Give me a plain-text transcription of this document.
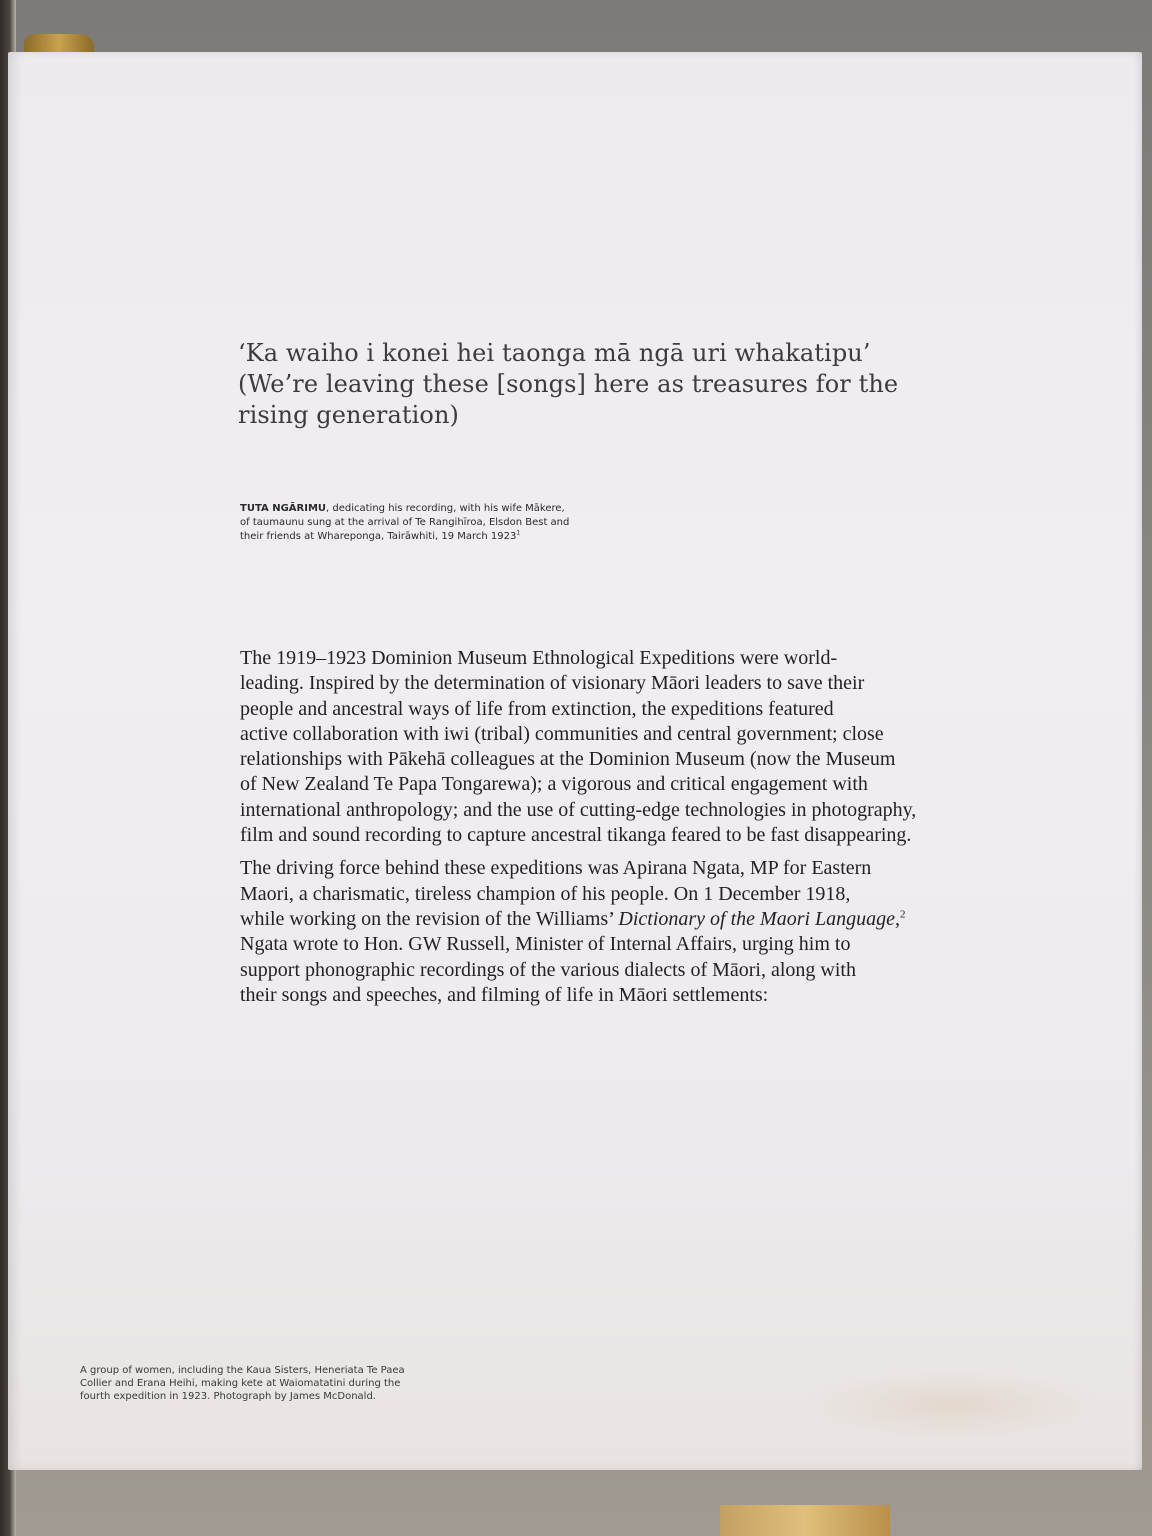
‘Ka waiho i konei hei taonga mā ngā uri whakatipu’
(We’re leaving these [songs] here as treasures for the
rising generation)
TUTA NGĀRIMU, dedicating his recording, with his wife Mākere,
of taumaunu sung at the arrival of Te Rangihīroa, Elsdon Best and
their friends at Whareponga, Tairāwhiti, 19 March 1923$^1$

The 1919–1923 Dominion Museum Ethnological Expeditions were world-
leading. Inspired by the determination of visionary Māori leaders to save their
people and ancestral ways of life from extinction, the expeditions featured
active collaboration with iwi (tribal) communities and central government; close
relationships with Pākehā colleagues at the Dominion Museum (now the Museum
of New Zealand Te Papa Tongarewa); a vigorous and critical engagement with
international anthropology; and the use of cutting-edge technologies in photography,
film and sound recording to capture ancestral tikanga feared to be fast disappearing.

The driving force behind these expeditions was Apirana Ngata, MP for Eastern
Maori, a charismatic, tireless champion of his people. On 1 December 1918,
while working on the revision of the Williams’ Dictionary of the Maori Language,$^2$
Ngata wrote to Hon. GW Russell, Minister of Internal Affairs, urging him to
support phonographic recordings of the various dialects of Māori, along with
their songs and speeches, and filming of life in Māori settlements:

A group of women, including the Kaua Sisters, Heneriata Te Paea
Collier and Erana Heihi, making kete at Waiomatatini during the
fourth expedition in 1923. Photograph by James McDonald.
